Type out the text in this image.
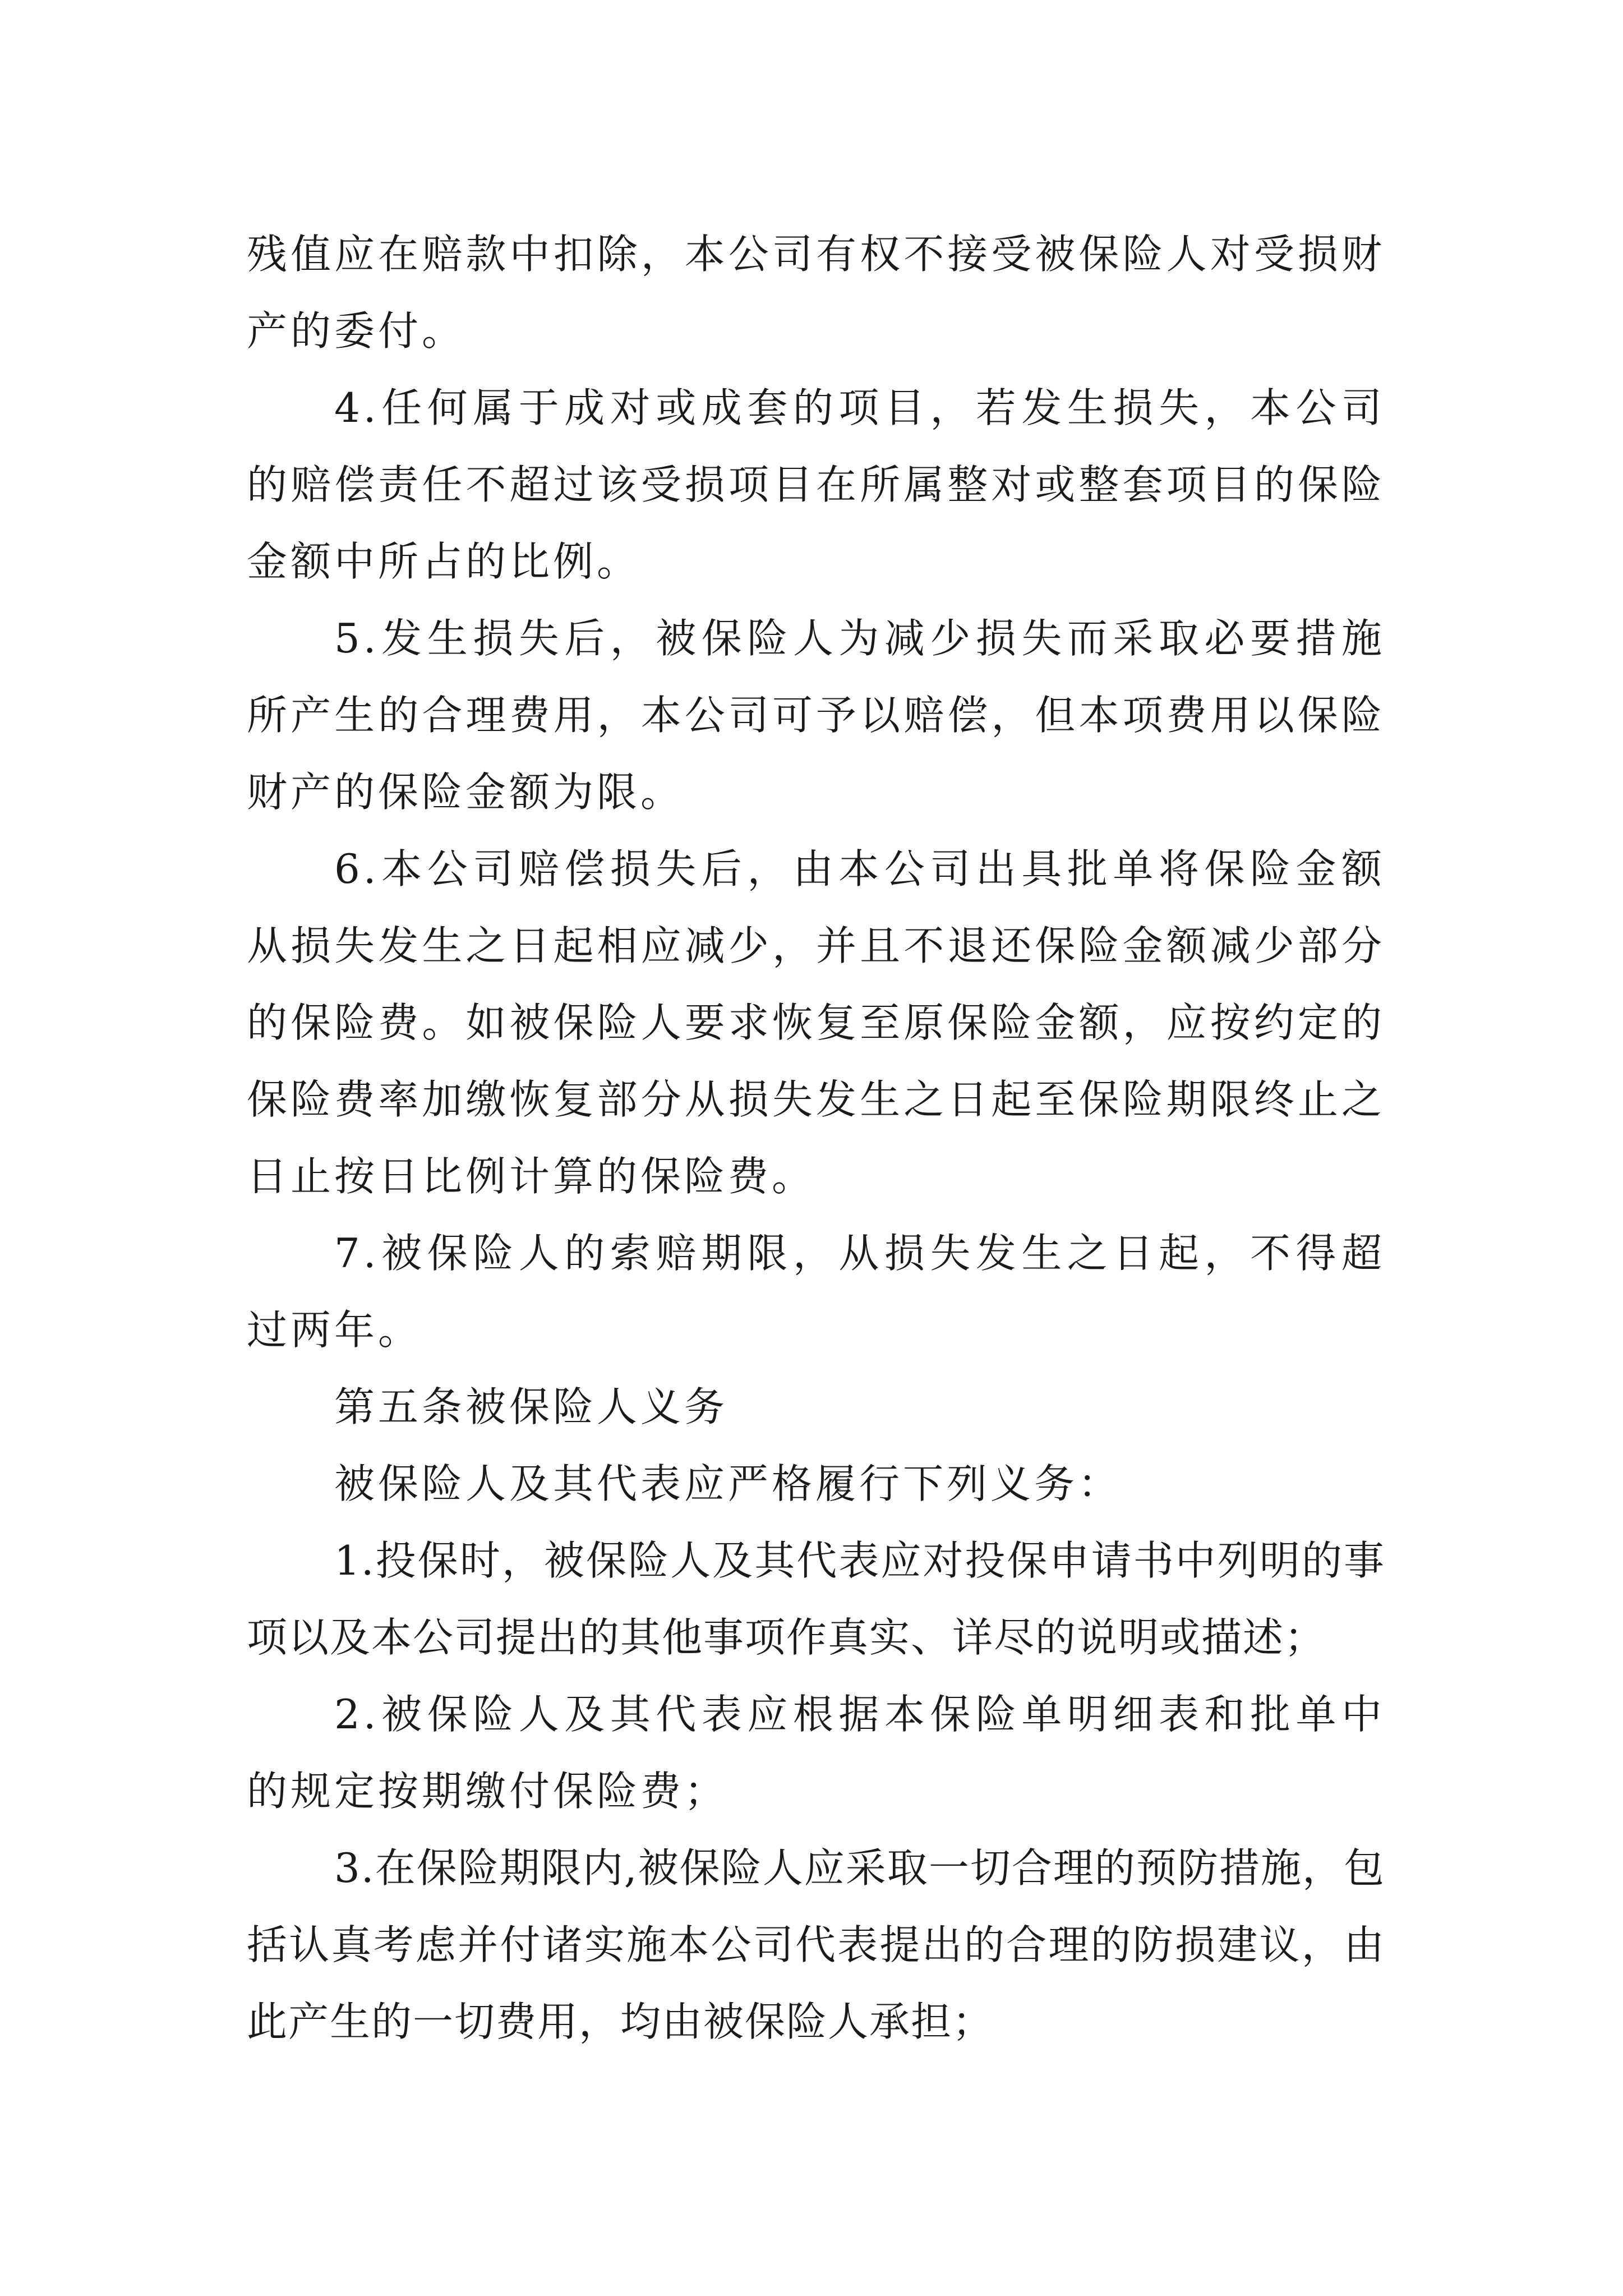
残值应在赔款中扣除，本公司有权不接受被保险人对受损财产的委付。

4.任何属于成对或成套的项目，若发生损失，本公司的赔偿责任不超过该受损项目在所属整对或整套项目的保险金额中所占的比例。

5.发生损失后，被保险人为减少损失而采取必要措施所产生的合理费用，本公司可予以赔偿，但本项费用以保险财产的保险金额为限。

6.本公司赔偿损失后，由本公司出具批单将保险金额从损失发生之日起相应减少，并且不退还保险金额减少部分的保险费。如被保险人要求恢复至原保险金额，应按约定的保险费率加缴恢复部分从损失发生之日起至保险期限终止之日止按日比例计算的保险费。

7.被保险人的索赔期限，从损失发生之日起，不得超过两年。

第五条被保险人义务

被保险人及其代表应严格履行下列义务：

1.投保时，被保险人及其代表应对投保申请书中列明的事项以及本公司提出的其他事项作真实、详尽的说明或描述；

2.被保险人及其代表应根据本保险单明细表和批单中的规定按期缴付保险费；

3.在保险期限内,被保险人应采取一切合理的预防措施，包括认真考虑并付诸实施本公司代表提出的合理的防损建议，由此产生的一切费用，均由被保险人承担；
